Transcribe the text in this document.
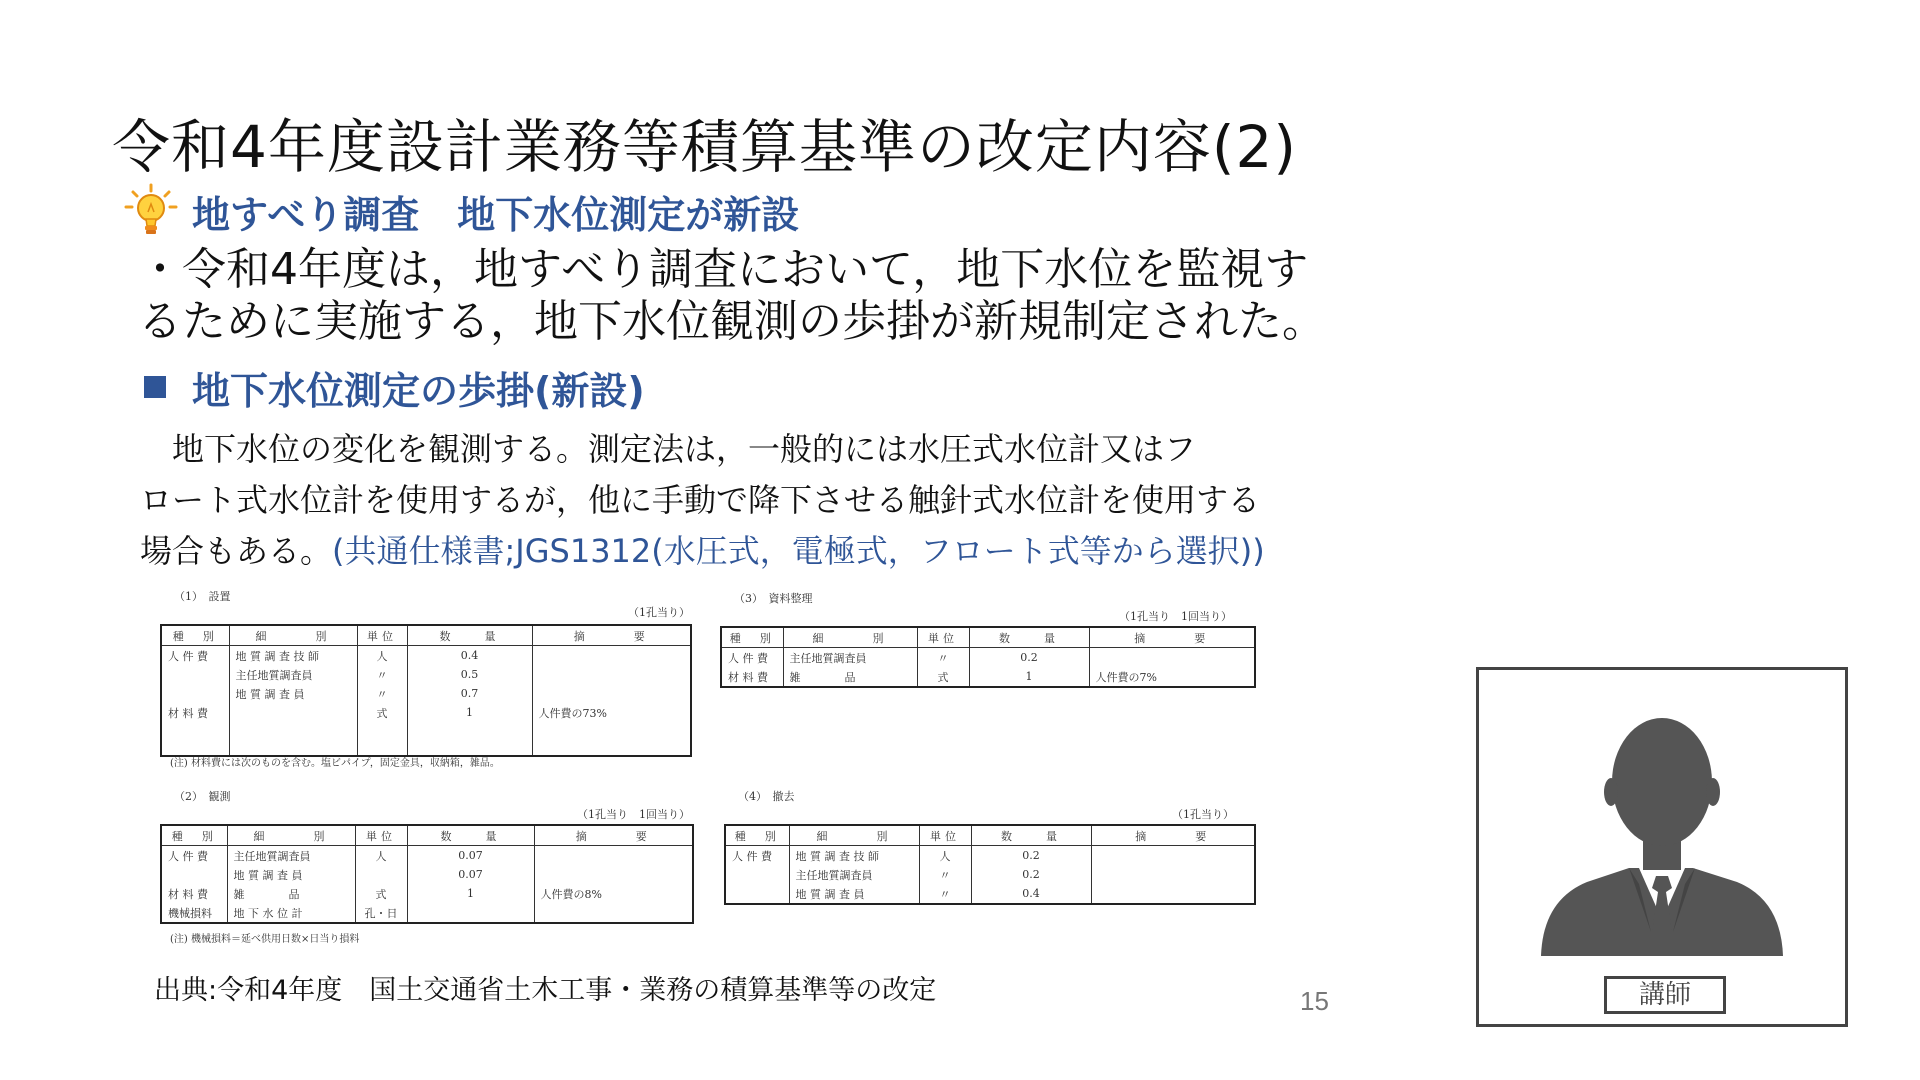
令和4年度設計業務等積算基準の改定内容(2)
地すべり調査　地下水位測定が新設
・令和4年度は，地すべり調査において，地下水位を監視す
るために実施する，地下水位観測の歩掛が新規制定された。
地下水位測定の歩掛(新設)
　地下水位の変化を観測する。測定法は，一般的には水圧式水位計又はフ
ロート式水位計を使用するが，他に手動で降下させる触針式水位計を使用する
場合もある。(共通仕様書;JGS1312(水圧式，電極式，フロート式等から選択))
（1）　設置
（1孔当り）
種　別	細　　　別	単位	数　　量	摘　　　要
人 件 費	地 質 調 査 技 師	人	0.4	
	主任地質調査員	〃	0.5	
	地 質 調 査 員	〃	0.7	
材 料 費		式	1	人件費の73%

(注) 材料費には次のものを含む。塩ビパイプ，固定金具，収納箱，雑品。
（3）　資料整理
（1孔当り　1回当り）
種　別	細　　　別	単位	数　　量	摘　　　要
人 件 費	主任地質調査員	〃	0.2	
材 料 費	雑　　　　品	式	1	人件費の7%
（2）　観測
（1孔当り　1回当り）
種　別	細　　　別	単位	数　　量	摘　　　要
人 件 費	主任地質調査員	人	0.07	
	地 質 調 査 員		0.07	
材 料 費	雑　　　　品	式	1	人件費の8%
機械損料	地 下 水 位 計	孔・日		
(注) 機械損料＝延べ供用日数×日当り損料
（4）　撤去
（1孔当り）
種　別	細　　　別	単位	数　　量	摘　　　要
人 件 費	地 質 調 査 技 師	人	0.2	
	主任地質調査員	〃	0.2	
	地 質 調 査 員	〃	0.4	
出典:令和4年度　国土交通省土木工事・業務の積算基準等の改定	15	講師
